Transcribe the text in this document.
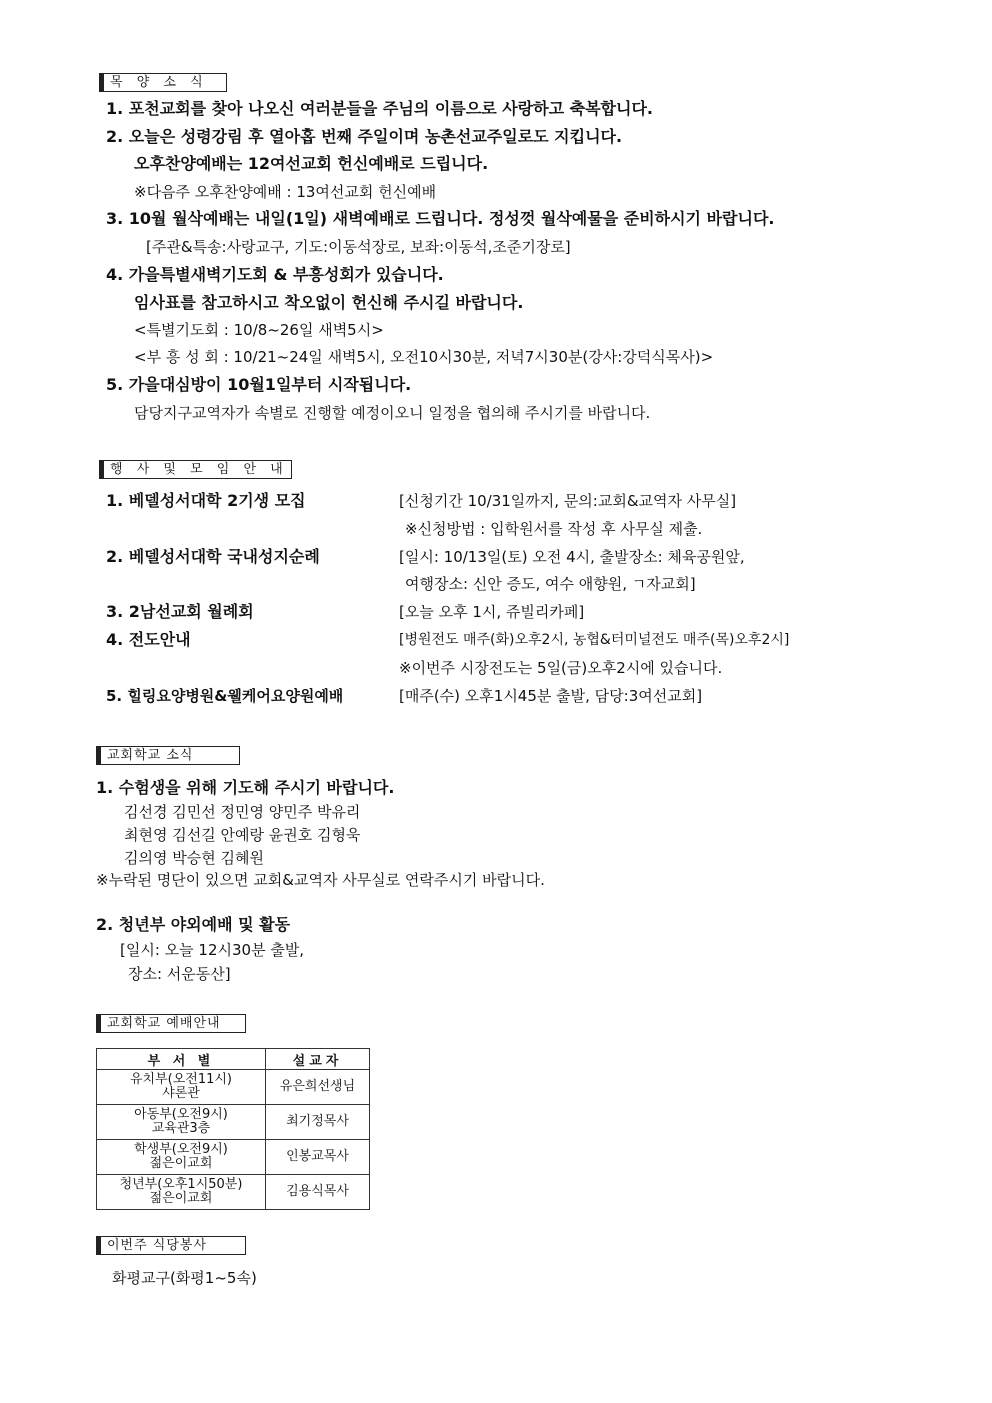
목 양 소 식
1. 포천교회를 찾아 나오신 여러분들을 주님의 이름으로 사랑하고 축복합니다.
2. 오늘은 성령강림 후 열아홉 번째 주일이며 농촌선교주일로도 지킵니다.
오후찬양예배는 12여선교회 헌신예배로 드립니다.
※다음주 오후찬양예배 : 13여선교회 헌신예배
3. 10월 월삭예배는 내일(1일) 새벽예배로 드립니다. 정성껏 월삭예물을 준비하시기 바랍니다.
[주관&특송:사랑교구, 기도:이동석장로, 보좌:이동석,조준기장로]
4. 가을특별새벽기도회 & 부흥성회가 있습니다.
임사표를 참고하시고 착오없이 헌신해 주시길 바랍니다.
<특별기도회 : 10/8~26일 새벽5시>
<부 흥 성 회 : 10/21~24일 새벽5시, 오전10시30분, 저녁7시30분(강사:강덕식목사)>
5. 가을대심방이 10월1일부터 시작됩니다.
담당지구교역자가 속별로 진행할 예정이오니 일정을 협의해 주시기를 바랍니다.
행 사 및 모 임 안 내
1. 베델성서대학 2기생 모집	[신청기간 10/31일까지, 문의:교회&교역자 사무실]
※신청방법 : 입학원서를 작성 후 사무실 제출.
2. 베델성서대학 국내성지순례	[일시: 10/13일(토) 오전 4시, 출발장소: 체육공원앞,
여행장소: 신안 증도, 여수 애향원, ㄱ자교회]
3. 2남선교회 월례회	[오늘 오후 1시, 쥬빌리카페]
4. 전도안내	[병원전도 매주(화)오후2시, 농협&터미널전도 매주(목)오후2시]
※이번주 시장전도는 5일(금)오후2시에 있습니다.
5. 힐링요양병원&웰케어요양원예배	[매주(수) 오후1시45분 출발, 담당:3여선교회]
교회학교 소식
1. 수험생을 위해 기도해 주시기 바랍니다.
김선경 김민선 정민영 양민주 박유리
최현영 김선길 안예랑 윤권호 김형욱
김의영 박승현 김혜원
※누락된 명단이 있으면 교회&교역자 사무실로 연락주시기 바랍니다.
2. 청년부 야외예배 및 활동
[일시: 오늘 12시30분 출발,
장소: 서운동산]
교회학교 예배안내
부 서 별	설교자

유치부(오전11시)
샤론관	유은희선생님

아동부(오전9시)
교육관3층	최기정목사

학생부(오전9시)
젊은이교회	인봉교목사

청년부(오후1시50분)
젊은이교회	김용식목사
이번주 식당봉사
화평교구(화평1~5속)
